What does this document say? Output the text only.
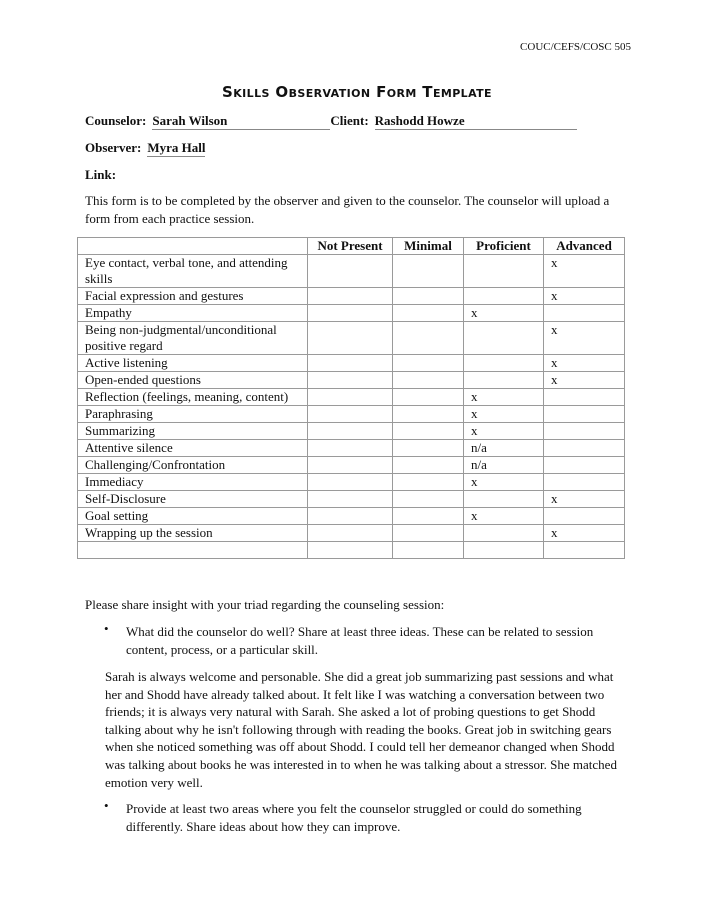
COUC/CEFS/COSC 505
Skills Observation Form Template
Counselor: Sarah Wilson	Client: Rashodd Howze
Observer: Myra Hall
Link:
This form is to be completed by the observer and given to the counselor. The counselor will upload a form from each practice session.
	Not Present	Minimal	Proficient	Advanced
Eye contact, verbal tone, and attending skills				x
Facial expression and gestures				x
Empathy			x	
Being non-judgmental/unconditional positive regard				x
Active listening				x
Open-ended questions				x
Reflection (feelings, meaning, content)			x	
Paraphrasing			x	
Summarizing			x	
Attentive silence			n/a	
Challenging/Confrontation			n/a	
Immediacy			x	
Self-Disclosure				x
Goal setting			x	
Wrapping up the session				x

Please share insight with your triad regarding the counseling session:
• What did the counselor do well? Share at least three ideas. These can be related to session content, process, or a particular skill.
Sarah is always welcome and personable. She did a great job summarizing past sessions and what her and Shodd have already talked about. It felt like I was watching a conversation between two friends; it is always very natural with Sarah. She asked a lot of probing questions to get Shodd talking about why he isn't following through with reading the books. Great job in switching gears when she noticed something was off about Shodd. I could tell her demeanor changed when Shodd was talking about books he was interested in to when he was talking about a stressor. She matched emotion very well.
• Provide at least two areas where you felt the counselor struggled or could do something differently. Share ideas about how they can improve.
